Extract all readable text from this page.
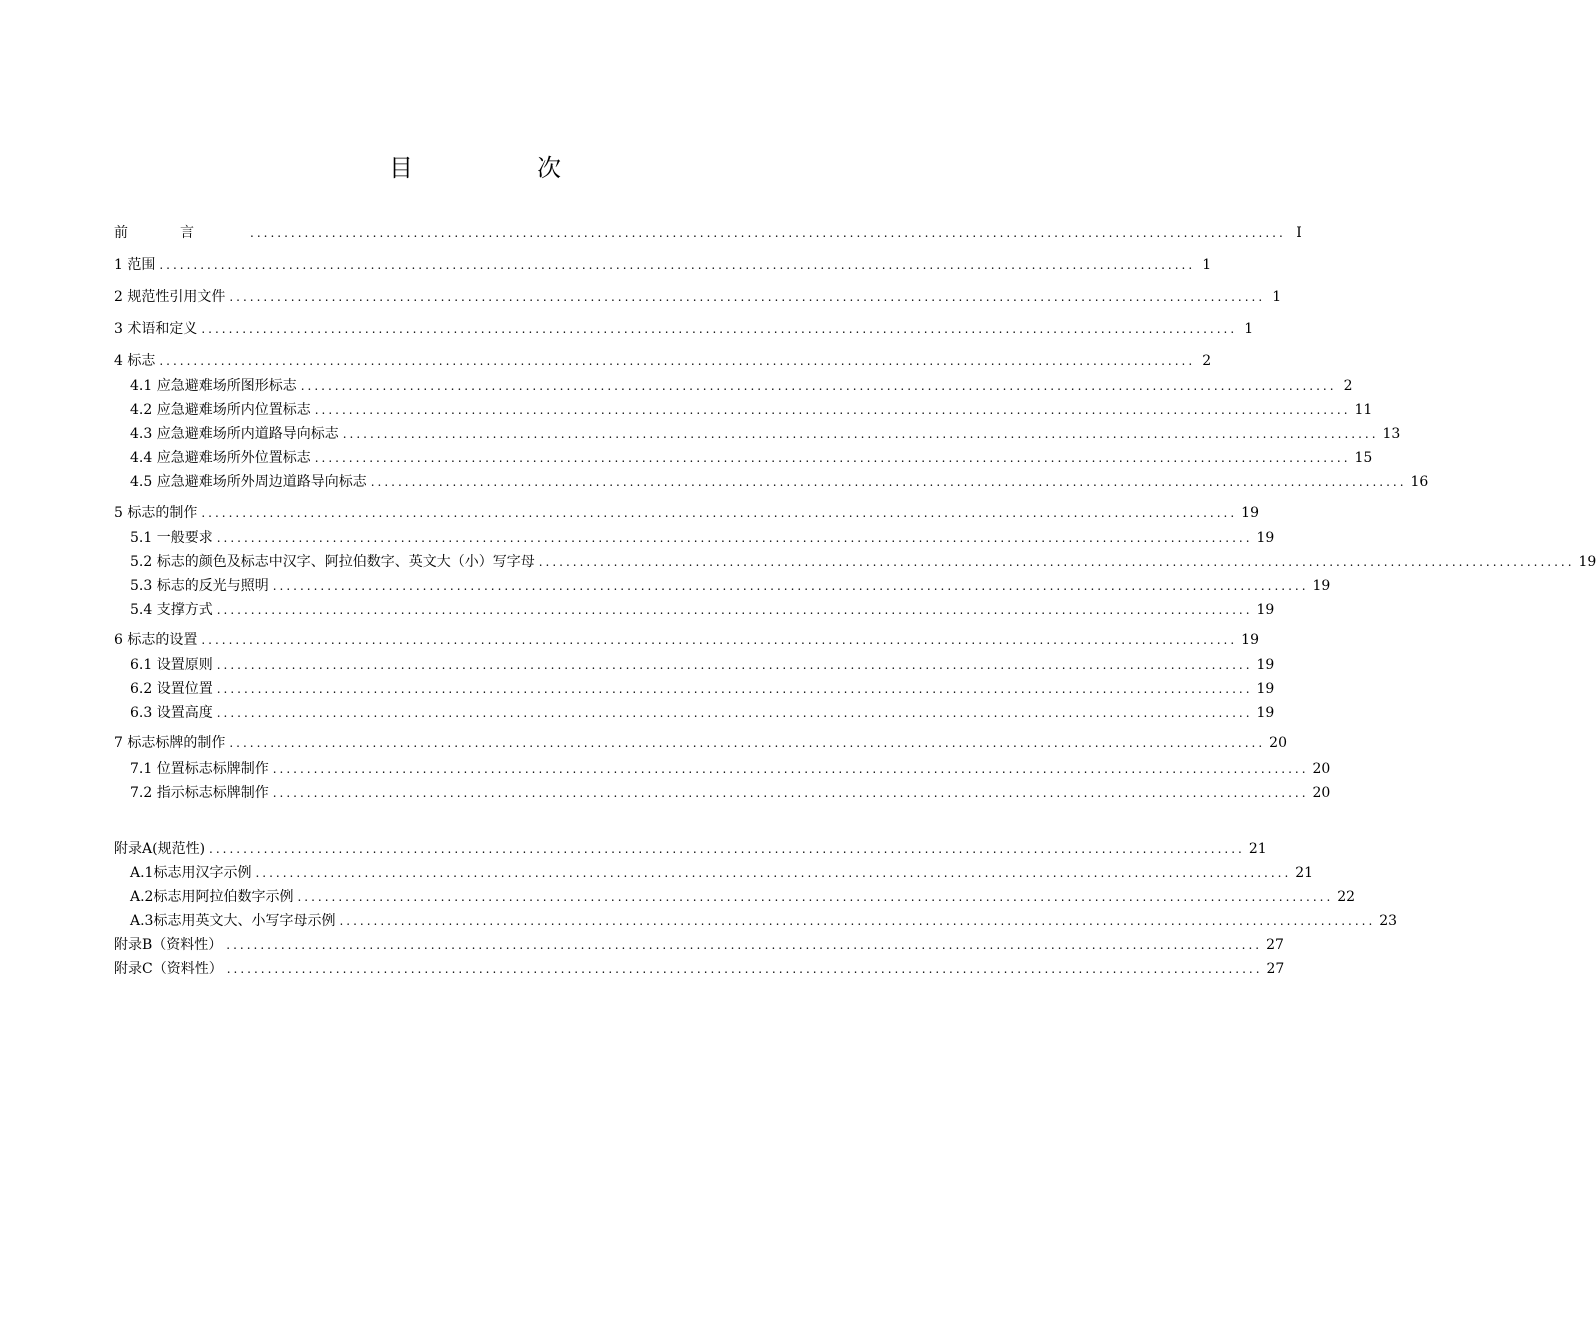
目　次
前言 ........................................................................................................................................................ I
1 范围 ........................................................................................................................................................ 1
2 规范性引用文件 ........................................................................................................................................................ 1
3 术语和定义 ........................................................................................................................................................ 1
4 标志 ........................................................................................................................................................ 2
4.1 应急避难场所图形标志 ........................................................................................................................................................ 2
4.2 应急避难场所内位置标志 ........................................................................................................................................................ 11
4.3 应急避难场所内道路导向标志 ........................................................................................................................................................ 13
4.4 应急避难场所外位置标志 ........................................................................................................................................................ 15
4.5 应急避难场所外周边道路导向标志 ........................................................................................................................................................ 16
5 标志的制作 ........................................................................................................................................................ 19
5.1 一般要求 ........................................................................................................................................................ 19
5.2 标志的颜色及标志中汉字、阿拉伯数字、英文大（小）写字母 ........................................................................................................................................................ 19
5.3 标志的反光与照明 ........................................................................................................................................................ 19
5.4 支撑方式 ........................................................................................................................................................ 19
6 标志的设置 ........................................................................................................................................................ 19
6.1 设置原则 ........................................................................................................................................................ 19
6.2 设置位置 ........................................................................................................................................................ 19
6.3 设置高度 ........................................................................................................................................................ 19
7 标志标牌的制作 ........................................................................................................................................................ 20
7.1 位置标志标牌制作 ........................................................................................................................................................ 20
7.2 指示标志标牌制作 ........................................................................................................................................................ 20
附录A(规范性) ........................................................................................................................................................ 21
A.1标志用汉字示例 ........................................................................................................................................................ 21
A.2标志用阿拉伯数字示例 ........................................................................................................................................................ 22
A.3标志用英文大、小写字母示例 ........................................................................................................................................................ 23
附录B（资料性） ........................................................................................................................................................ 27
附录C（资料性） ........................................................................................................................................................ 27
